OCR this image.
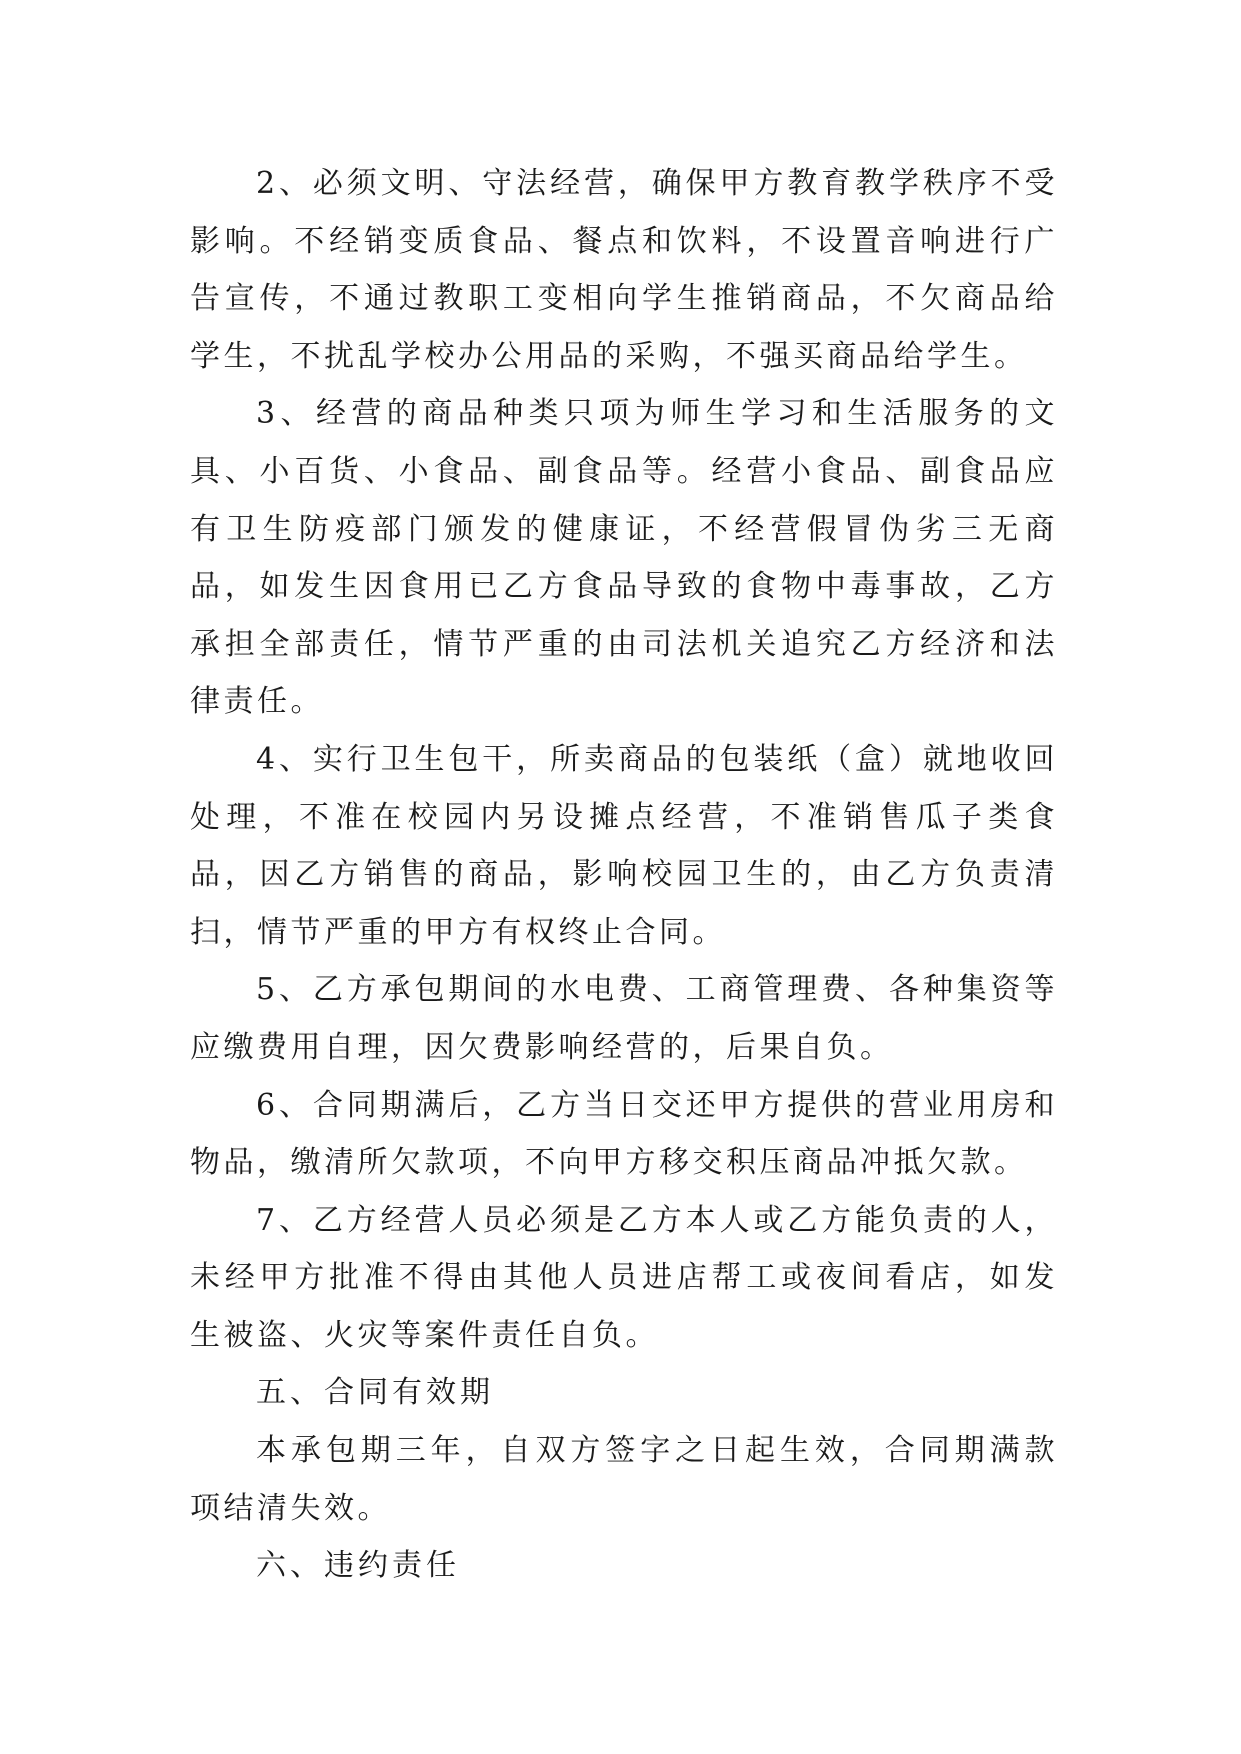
2、必须文明、守法经营，确保甲方教育教学秩序不受影响。不经销变质食品、餐点和饮料，不设置音响进行广告宣传，不通过教职工变相向学生推销商品，不欠商品给学生，不扰乱学校办公用品的采购，不强买商品给学生。

3、经营的商品种类只项为师生学习和生活服务的文具、小百货、小食品、副食品等。经营小食品、副食品应有卫生防疫部门颁发的健康证，不经营假冒伪劣三无商品，如发生因食用已乙方食品导致的食物中毒事故，乙方承担全部责任，情节严重的由司法机关追究乙方经济和法律责任。

4、实行卫生包干，所卖商品的包装纸（盒）就地收回处理，不准在校园内另设摊点经营，不准销售瓜子类食品，因乙方销售的商品，影响校园卫生的，由乙方负责清扫，情节严重的甲方有权终止合同。

5、乙方承包期间的水电费、工商管理费、各种集资等应缴费用自理，因欠费影响经营的，后果自负。

6、合同期满后，乙方当日交还甲方提供的营业用房和物品，缴清所欠款项，不向甲方移交积压商品冲抵欠款。

7、乙方经营人员必须是乙方本人或乙方能负责的人，未经甲方批准不得由其他人员进店帮工或夜间看店，如发生被盗、火灾等案件责任自负。

五、合同有效期

本承包期三年，自双方签字之日起生效，合同期满款项结清失效。

六、违约责任
